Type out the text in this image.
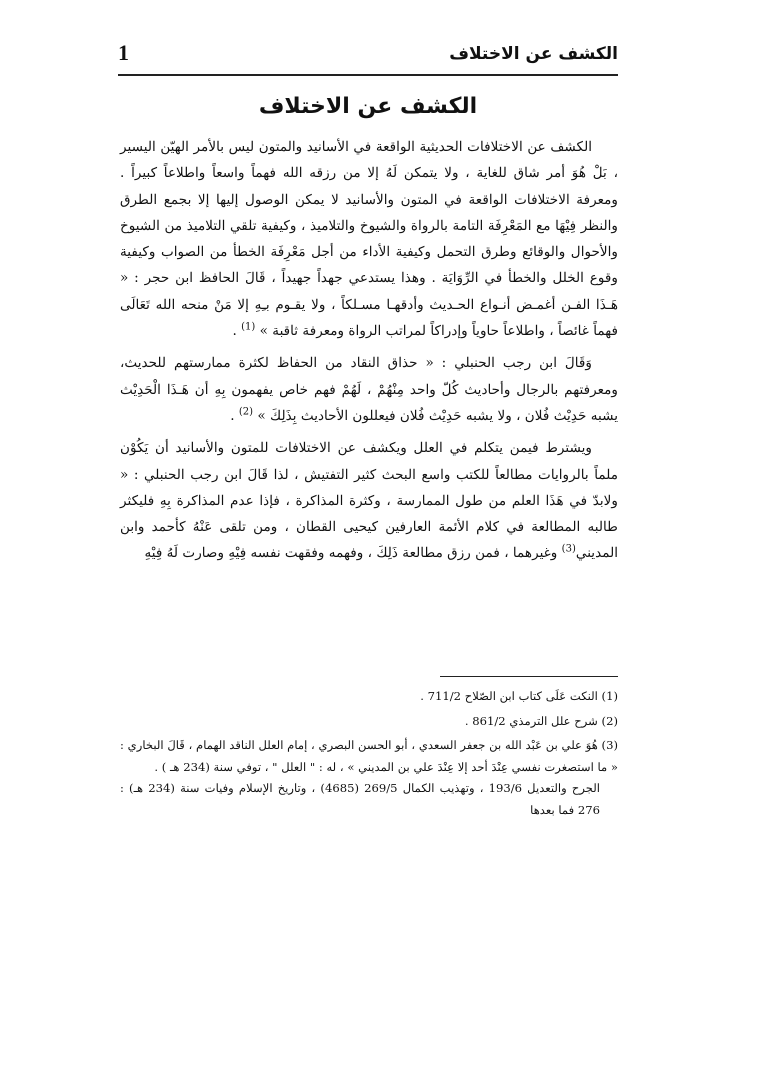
الكشف عن الاختلاف
1
الكشف عن الاختلاف

الكشف عن الاختلافات الحديثية الواقعة في الأسانيد والمتون ليس بالأمر الهيّن اليسير ، بَلْ هُوَ أمر شاق للغاية ، ولا يتمكن لَهُ إلا من رزقه الله فهماً واسعاً واطلاعاً كبيراً . ومعرفة الاختلافات الواقعة في المتون والأسانيد لا يمكن الوصول إليها إلا بجمع الطرق والنظر فِيْهَا مع المَعْرِفَة التامة بالرواة والشيوخ والتلاميذ ، وكيفية تلقي التلاميذ من الشيوخ والأحوال والوقائع وطرق التحمل وكيفية الأداء من أجل مَعْرِفَة الخطأ من الصواب وكيفية وقوع الخلل والخطأ في الرِّوَايَة . وهذا يستدعي جهداً جهيداً ، قَالَ الحافظ ابن حجر : « هَـذَا الفـن أغمـض أنـواع الحـديث وأدقهـا مسـلكاً ، ولا يقـوم بـِهِ إلا مَنْ منحه الله تَعَالَى فهماً غائصاً ، واطلاعاً حاوياً وإدراكاً لمراتب الرواة ومعرفة ثاقبة » $^{(1)}$ .

وَقَالَ ابن رجب الحنبلي : « حذاق النقاد من الحفاظ لكثرة ممارستهم للحديث، ومعرفتهم بالرجال وأحاديث كُلّ واحد مِنْهُمْ ، لَهُمْ فهم خاص يفهمون بِهِ أن هَـذَا الْحَدِيْث يشبه حَدِيْث فُلان ، ولا يشبه حَدِيْث فُلان فيعللون الأحاديث بِذَلِكَ » $^{(2)}$ .

ويشترط فيمن يتكلم في العلل ويكشف عن الاختلافات للمتون والأسانيد أن يَكُوْن ملماً بالروايات مطالعاً للكتب واسع البحث كثير التفتيش ، لذا قَالَ ابن رجب الحنبلي : « ولابدّ في هَذَا العلم من طول الممارسة ، وكثرة المذاكرة ، فإذا عدم المذاكرة بِهِ فليكثر طالبه المطالعة في كلام الأئمة العارفين كيحيى القطان ، ومن تلقى عَنْهُ كأحمد وابن المديني$^{(3)}$ وغيرهما ، فمن رزق مطالعة ذَلِكَ ، وفهمه وفقهت نفسه فِيْهِ وصارت لَهُ فِيْهِ

(1) النكت عَلَى كتاب ابن الصّلاح 711/2 .

(2) شرح علل الترمذي 861/2 .

(3) هُوَ علي بن عَبْد الله بن جعفر السعدي ، أبو الحسن البصري ، إمام العلل الناقد الهمام ، قَالَ البخاري : « ما استصغرت نفسي عِنْدَ أحد إلا عِنْدَ علي بن المديني » ، له : " العلل " ، توفي سنة (234 هـ ) .

الجرح والتعديل 193/6 ، وتهذيب الكمال 269/5 (4685) ، وتاريخ الإسلام وفيات سنة (234 هـ) : 276 فما بعدها
